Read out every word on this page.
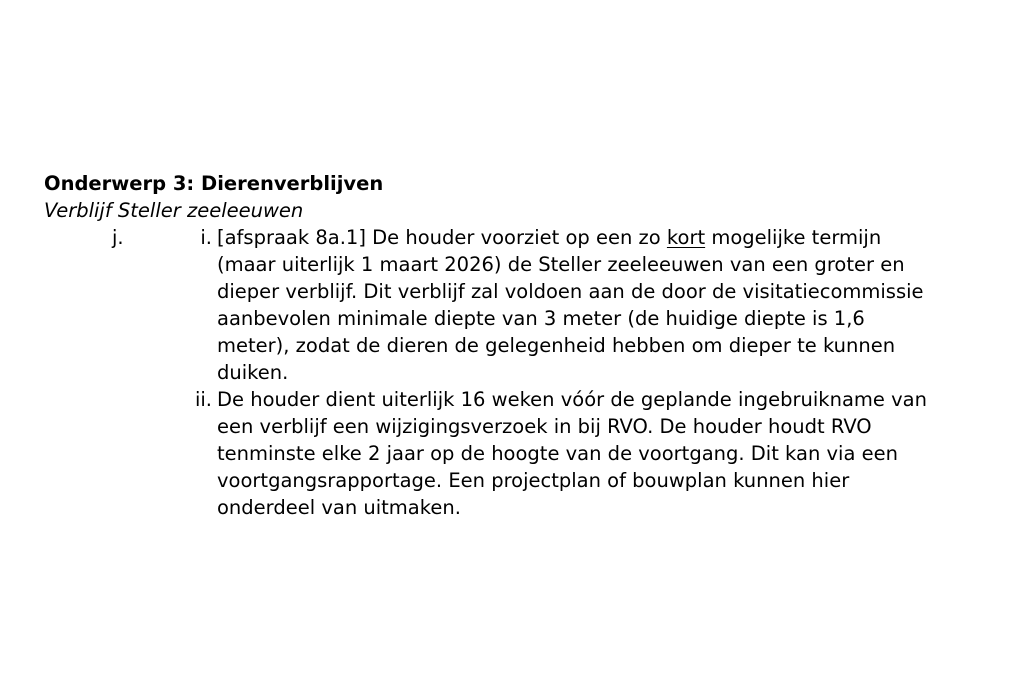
Onderwerp 3: Dierenverblijven
Verblijf Steller zeeleeuwen
j.	i. [afspraak 8a.1] De houder voorziet op een zo kort mogelijke termijn (maar uiterlijk 1 maart 2026) de Steller zeeleeuwen van een groter en dieper verblijf. Dit verblijf zal voldoen aan de door de visitatiecommissie aanbevolen minimale diepte van 3 meter (de huidige diepte is 1,6 meter), zodat de dieren de gelegenheid hebben om dieper te kunnen duiken.
ii. De houder dient uiterlijk 16 weken vóór de geplande ingebruikname van een verblijf een wijzigingsverzoek in bij RVO. De houder houdt RVO tenminste elke 2 jaar op de hoogte van de voortgang. Dit kan via een voortgangsrapportage. Een projectplan of bouwplan kunnen hier onderdeel van uitmaken.
